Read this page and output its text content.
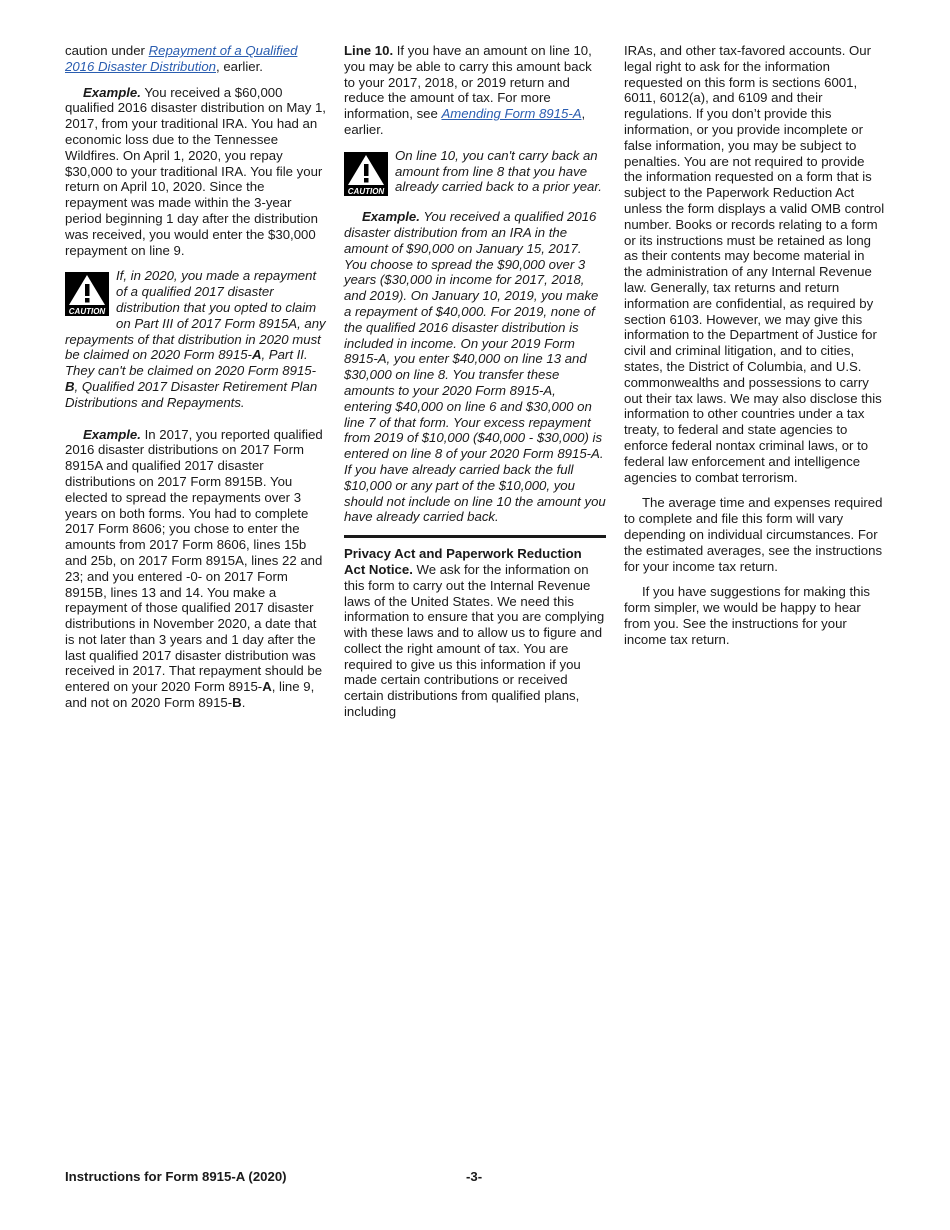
caution under Repayment of a Qualified 2016 Disaster Distribution, earlier.

Example. You received a $60,000 qualified 2016 disaster distribution on May 1, 2017, from your traditional IRA. You had an economic loss due to the Tennessee Wildfires. On April 1, 2020, you repay $30,000 to your traditional IRA. You file your return on April 10, 2020. Since the repayment was made within the 3-year period beginning 1 day after the distribution was received, you would enter the $30,000 repayment on line 9.

CAUTION
If, in 2020, you made a repayment of a qualified 2017 disaster distribution that you opted to claim on Part III of 2017 Form 8915A, any repayments of that distribution in 2020 must be claimed on 2020 Form 8915-A, Part II. They can't be claimed on 2020 Form 8915-B, Qualified 2017 Disaster Retirement Plan Distributions and Repayments.

Example. In 2017, you reported qualified 2016 disaster distributions on 2017 Form 8915A and qualified 2017 disaster distributions on 2017 Form 8915B. You elected to spread the repayments over 3 years on both forms. You had to complete 2017 Form 8606; you chose to enter the amounts from 2017 Form 8606, lines 15b and 25b, on 2017 Form 8915A, lines 22 and 23; and you entered -0- on 2017 Form 8915B, lines 13 and 14. You make a repayment of those qualified 2017 disaster distributions in November 2020, a date that is not later than 3 years and 1 day after the last qualified 2017 disaster distribution was received in 2017. That repayment should be entered on your 2020 Form 8915-A, line 9, and not on 2020 Form 8915-B.

Line 10. If you have an amount on line 10, you may be able to carry this amount back to your 2017, 2018, or 2019 return and reduce the amount of tax. For more information, see Amending Form 8915-A, earlier.

CAUTION
On line 10, you can't carry back an amount from line 8 that you have already carried back to a prior year.

Example. You received a qualified 2016 disaster distribution from an IRA in the amount of $90,000 on January 15, 2017. You choose to spread the $90,000 over 3 years ($30,000 in income for 2017, 2018, and 2019). On January 10, 2019, you make a repayment of $40,000. For 2019, none of the qualified 2016 disaster distribution is included in income. On your 2019 Form 8915-A, you enter $40,000 on line 13 and $30,000 on line 8. You transfer these amounts to your 2020 Form 8915-A, entering $40,000 on line 6 and $30,000 on line 7 of that form. Your excess repayment from 2019 of $10,000 ($40,000 - $30,000) is entered on line 8 of your 2020 Form 8915-A. If you have already carried back the full $10,000 or any part of the $10,000, you should not include on line 10 the amount you have already carried back.

Privacy Act and Paperwork Reduction Act Notice. We ask for the information on this form to carry out the Internal Revenue laws of the United States. We need this information to ensure that you are complying with these laws and to allow us to figure and collect the right amount of tax. You are required to give us this information if you made certain contributions or received certain distributions from qualified plans, including

IRAs, and other tax-favored accounts. Our legal right to ask for the information requested on this form is sections 6001, 6011, 6012(a), and 6109 and their regulations. If you don’t provide this information, or you provide incomplete or false information, you may be subject to penalties. You are not required to provide the information requested on a form that is subject to the Paperwork Reduction Act unless the form displays a valid OMB control number. Books or records relating to a form or its instructions must be retained as long as their contents may become material in the administration of any Internal Revenue law. Generally, tax returns and return information are confidential, as required by section 6103. However, we may give this information to the Department of Justice for civil and criminal litigation, and to cities, states, the District of Columbia, and U.S. commonwealths and possessions to carry out their tax laws. We may also disclose this information to other countries under a tax treaty, to federal and state agencies to enforce federal nontax criminal laws, or to federal law enforcement and intelligence agencies to combat terrorism.

The average time and expenses required to complete and file this form will vary depending on individual circumstances. For the estimated averages, see the instructions for your income tax return.

If you have suggestions for making this form simpler, we would be happy to hear from you. See the instructions for your income tax return.

Instructions for Form 8915-A (2020)	-3-
